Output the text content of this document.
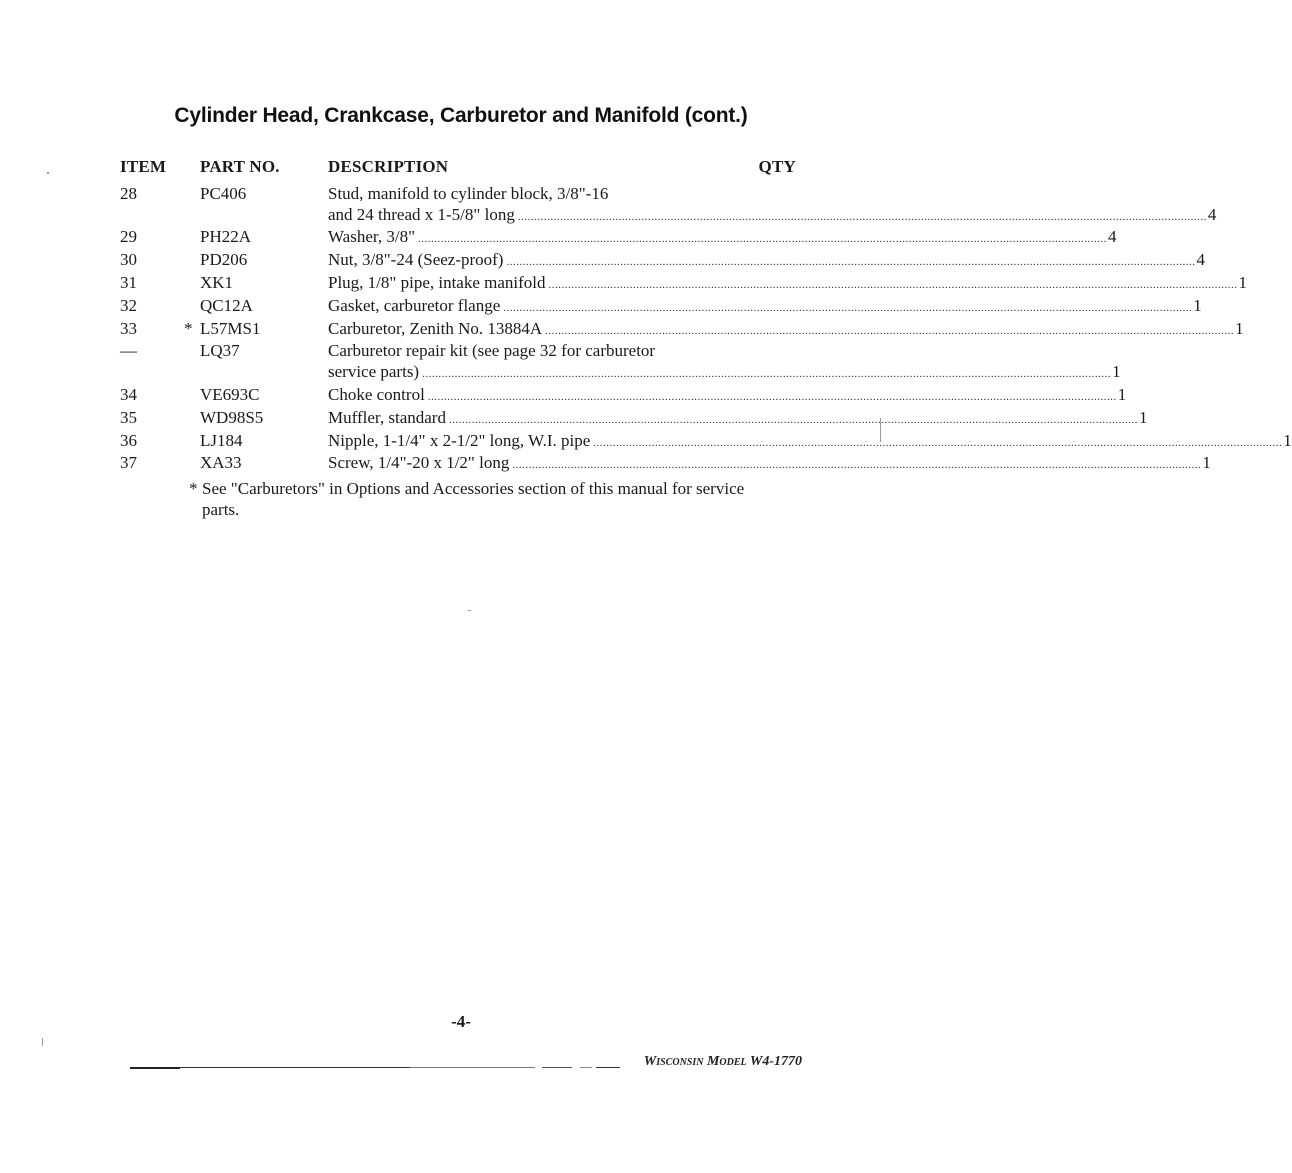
Cylinder Head, Crankcase, Carburetor and Manifold (cont.)
ITEM	PART NO.	DESCRIPTION	QTY
28	PC406	Stud, manifold to cylinder block, 3/8"-16
and 24 thread x 1-5/8" long .....	4
29	PH22A	Washer, 3/8" .....	4
30	PD206	Nut, 3/8"-24 (Seez-proof) .....	4
31	XK1	Plug, 1/8" pipe, intake manifold .....	1
32	QC12A	Gasket, carburetor flange .....	1
33	* L57MS1	Carburetor, Zenith No. 13884A .....	1
—	LQ37	Carburetor repair kit (see page 32 for carburetor
service parts) .....	1
34	VE693C	Choke control .....	1
35	WD98S5	Muffler, standard .....	1
36	LJ184	Nipple, 1-1/4" x 2-1/2" long, W.I. pipe .....	1
37	XA33	Screw, 1/4"-20 x 1/2" long .....	1
* See "Carburetors" in Options and Accessories section of this manual for service parts.
-4-
Wisconsin Model W4-1770
